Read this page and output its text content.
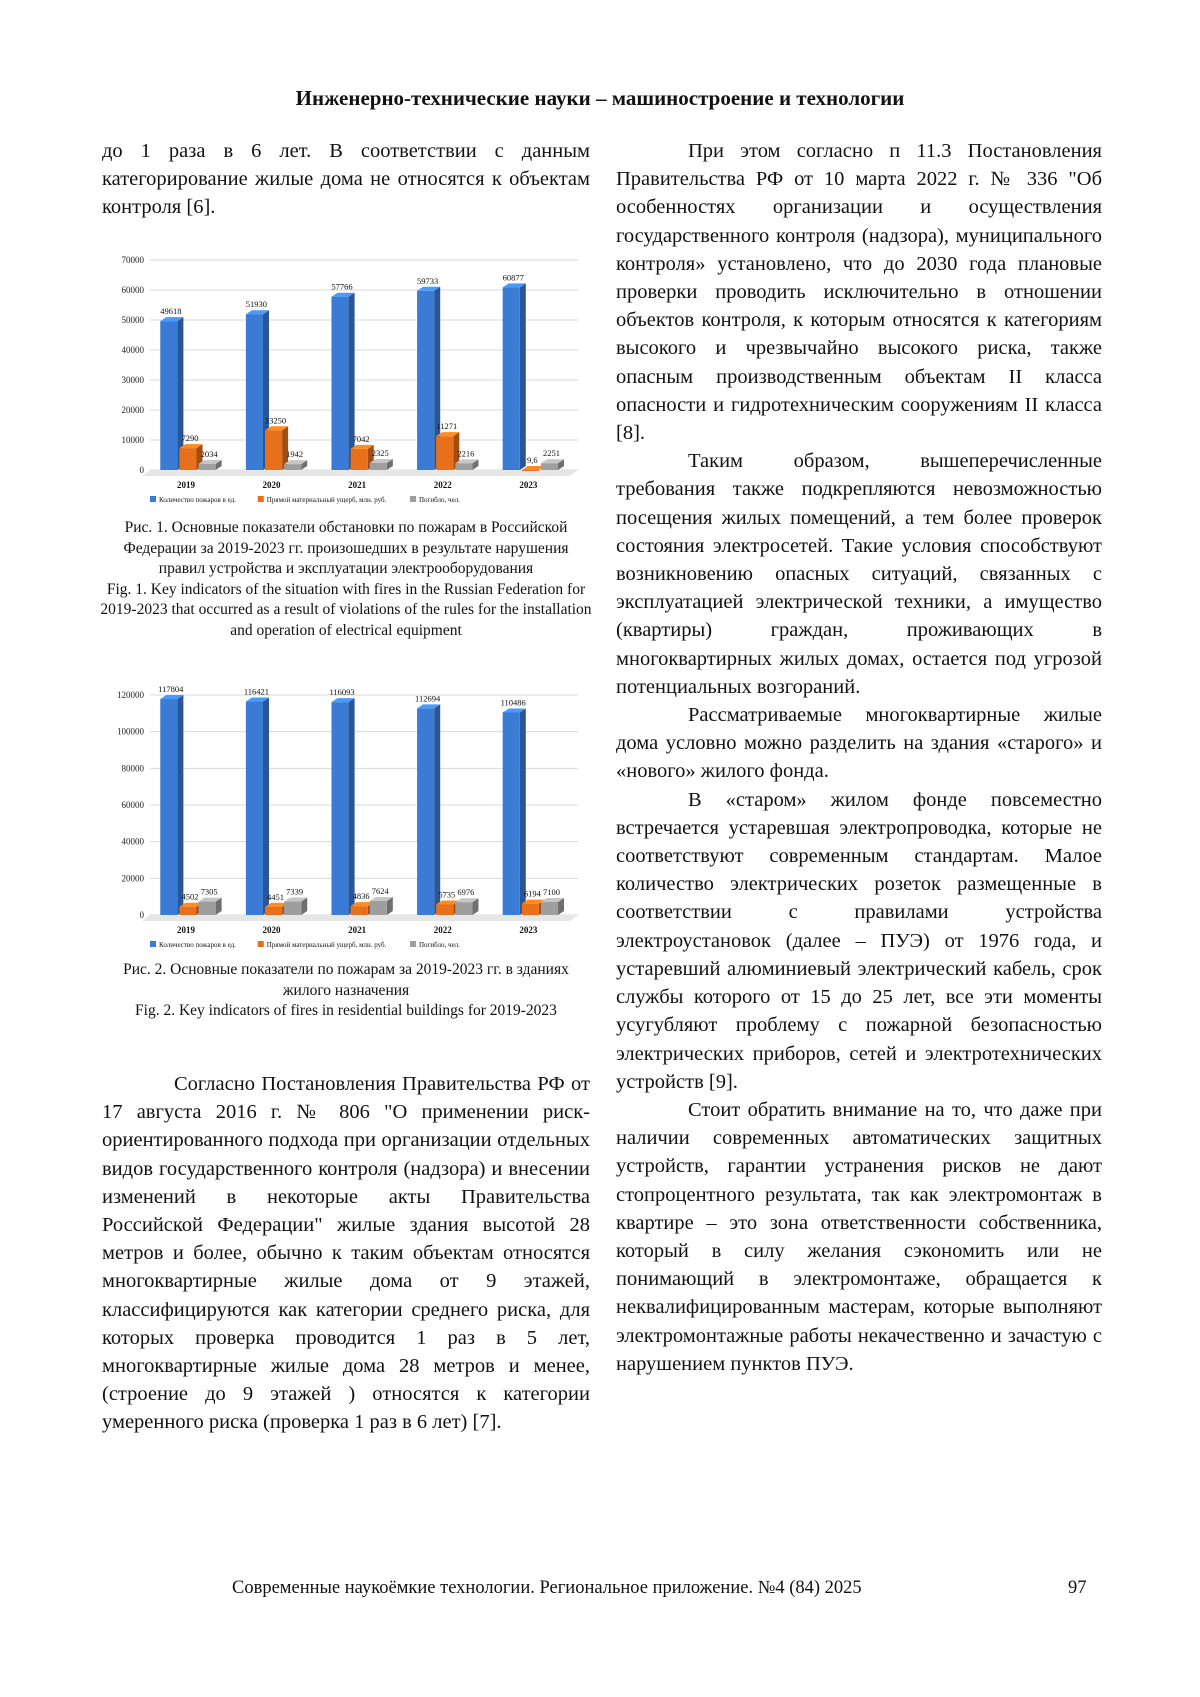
Инженерно-технические науки – машиностроение и технологии

до 1 раза в 6 лет. В соответствии с данным категорирование жилые дома не относятся к объектам контроля [6].

0
10000
20000
30000
40000
50000
60000
70000
49618
7290
2034
2019
51930
13250
1942
2020
57766
7042
2325
2021
59733
11271
2216
2022
60877
9,6
2251
2023
Количество пожаров в ед.	Прямой материальный ущерб, млн. руб.	Погибло, чел.
Рис. 1. Основные показатели обстановки по пожарам в Российской Федерации за 2019-2023 гг. произошедших в результате нарушения правил устройства и эксплуатации электрооборудования
Fig. 1. Key indicators of the situation with fires in the Russian Federation for 2019-2023 that occurred as a result of violations of the rules for the installation and operation of electrical equipment
0
20000
40000
60000
80000
100000
120000
117804
4502
7305
2019
116421
4451
7339
2020
116093
4836
7624
2021
112694
5735 6976
2022
110486
6194 7100
2023
Количество пожаров в ед.	Прямой материальный ущерб, млн. руб.	Погибло, чел.
Рис. 2. Основные показатели по пожарам за 2019-2023 гг. в зданиях жилого назначения
Fig. 2. Key indicators of fires in residential buildings for 2019-2023

Согласно Постановления Правительства РФ от 17 августа 2016 г. № 806 "О применении риск-ориентированного подхода при организации отдельных видов государственного контроля (надзора) и внесении изменений в некоторые акты Правительства Российской Федерации" жилые здания высотой 28 метров и более, обычно к таким объектам относятся многоквартирные жилые дома от 9 этажей, классифицируются как категории среднего риска, для которых проверка проводится 1 раз в 5 лет, многоквартирные жилые дома 28 метров и менее, (строение до 9 этажей ) относятся к категории умеренного риска (проверка 1 раз в 6 лет) [7].

При этом согласно п 11.3 Постановления Правительства РФ от 10 марта 2022 г. № 336 "Об особенностях организации и осуществления государственного контроля (надзора), муниципального контроля» установлено, что до 2030 года плановые проверки проводить исключительно в отношении объектов контроля, к которым относятся к категориям высокого и чрезвычайно высокого риска, также опасным производственным объектам II класса опасности и гидротехническим сооружениям II класса [8].

Таким образом, вышеперечисленные требования также подкрепляются невозможностью посещения жилых помещений, а тем более проверок состояния электросетей. Такие условия способствуют возникновению опасных ситуаций, связанных с эксплуатацией электрической техники, а имущество (квартиры) граждан, проживающих в многоквартирных жилых домах, остается под угрозой потенциальных возгораний.

Рассматриваемые многоквартирные жилые дома условно можно разделить на здания «старого» и «нового» жилого фонда.

В «старом» жилом фонде повсеместно встречается устаревшая электропроводка, которые не соответствуют современным стандартам. Малое количество электрических розеток размещенные в соответствии с правилами устройства электроустановок (далее – ПУЭ) от 1976 года, и устаревший алюминиевый электрический кабель, срок службы которого от 15 до 25 лет, все эти моменты усугубляют проблему с пожарной безопасностью электрических приборов, сетей и электротехнических устройств [9].

Стоит обратить внимание на то, что даже при наличии современных автоматических защитных устройств, гарантии устранения рисков не дают стопроцентного результата, так как электромонтаж в квартире – это зона ответственности собственника, который в силу желания сэкономить или не понимающий в электромонтаже, обращается к неквалифицированным мастерам, которые выполняют электромонтажные работы некачественно и зачастую с нарушением пунктов ПУЭ.

Современные наукоёмкие технологии. Региональное приложение. №4 (84) 2025	97
